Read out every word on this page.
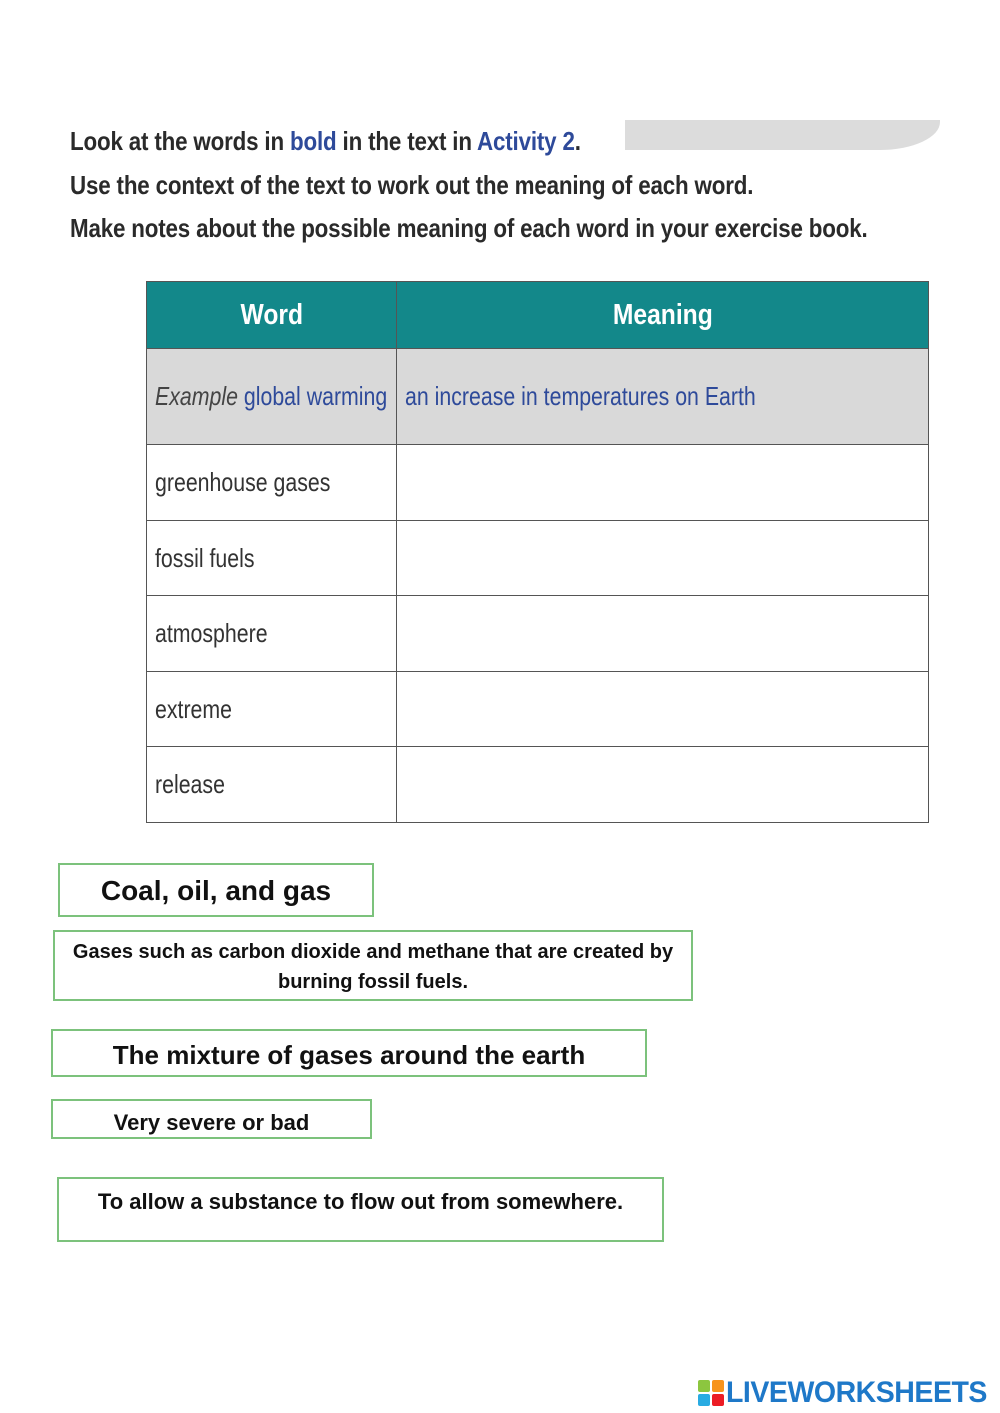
Look at the words in bold in the text in Activity 2.

Use the context of the text to work out the meaning of each word.

Make notes about the possible meaning of each word in your exercise book.

Word	Meaning
Example global warming	an increase in temperatures on Earth
greenhouse gases	
fossil fuels	
atmosphere	
extreme	
release	
Coal, oil, and gas
Gases such as carbon dioxide and methane that are created by burning fossil fuels.
The mixture of gases around the earth
Very severe or bad
To allow a substance to flow out from somewhere.
LIVEWORKSHEETS
